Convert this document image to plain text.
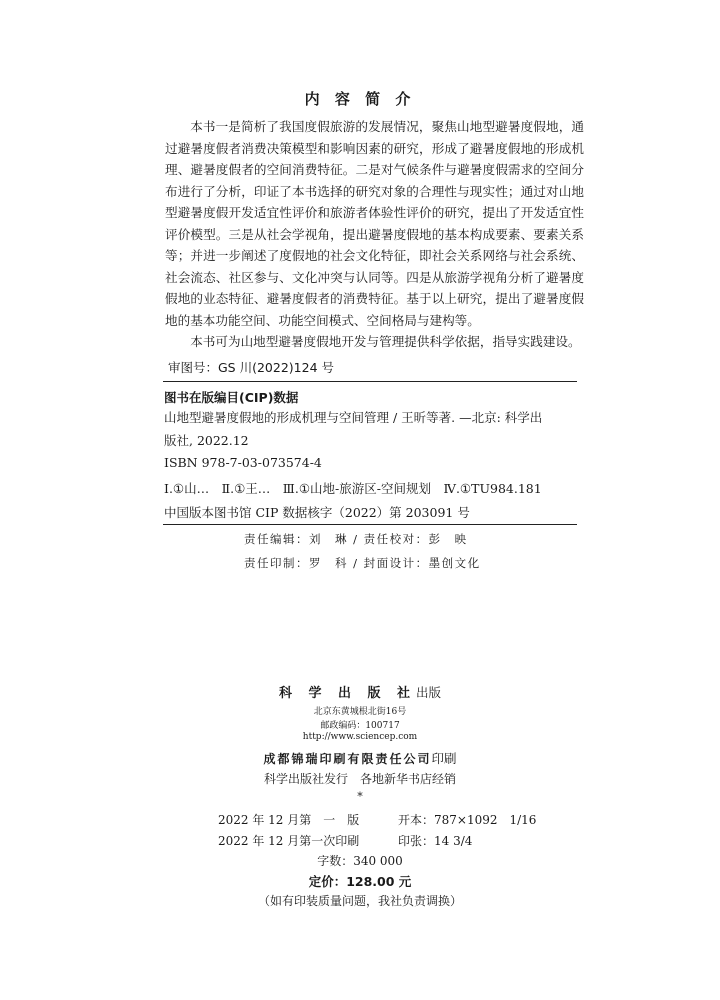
内 容 简 介

本书一是简析了我国度假旅游的发展情况，聚焦山地型避暑度假地，通过避暑度假者消费决策模型和影响因素的研究，形成了避暑度假地的形成机理、避暑度假者的空间消费特征。二是对气候条件与避暑度假需求的空间分布进行了分析，印证了本书选择的研究对象的合理性与现实性；通过对山地型避暑度假开发适宜性评价和旅游者体验性评价的研究，提出了开发适宜性评价模型。三是从社会学视角，提出避暑度假地的基本构成要素、要素关系等；并进一步阐述了度假地的社会文化特征，即社会关系网络与社会系统、社会流态、社区参与、文化冲突与认同等。四是从旅游学视角分析了避暑度假地的业态特征、避暑度假者的消费特征。基于以上研究，提出了避暑度假地的基本功能空间、功能空间模式、空间格局与建构等。

本书可为山地型避暑度假地开发与管理提供科学依据，指导实践建设。

审图号：GS 川(2022)124 号
图书在版编目(CIP)数据
山地型避暑度假地的形成机理与空间管理 / 王昕等著. —北京: 科学出
版社, 2022.12
ISBN 978-7-03-073574-4
Ⅰ.①山…　Ⅱ.①王…　Ⅲ.①山地-旅游区-空间规划　Ⅳ.①TU984.181
中国版本图书馆 CIP 数据核字（2022）第 203091 号
责任编辑：刘　琳 / 责任校对：彭　映
责任印制：罗　科 / 封面设计：墨创文化
科 学 出 版 社出版
北京东黄城根北街16号
邮政编码：100717
http://www.sciencep.com
成都锦瑞印刷有限责任公司印刷
科学出版社发行　各地新华书店经销
*
2022 年 12 月第　一　版	开本：787×1092　1/16
2022 年 12 月第一次印刷	印张：14 3/4
字数：340 000
定价：128.00 元
（如有印装质量问题，我社负责调换）
